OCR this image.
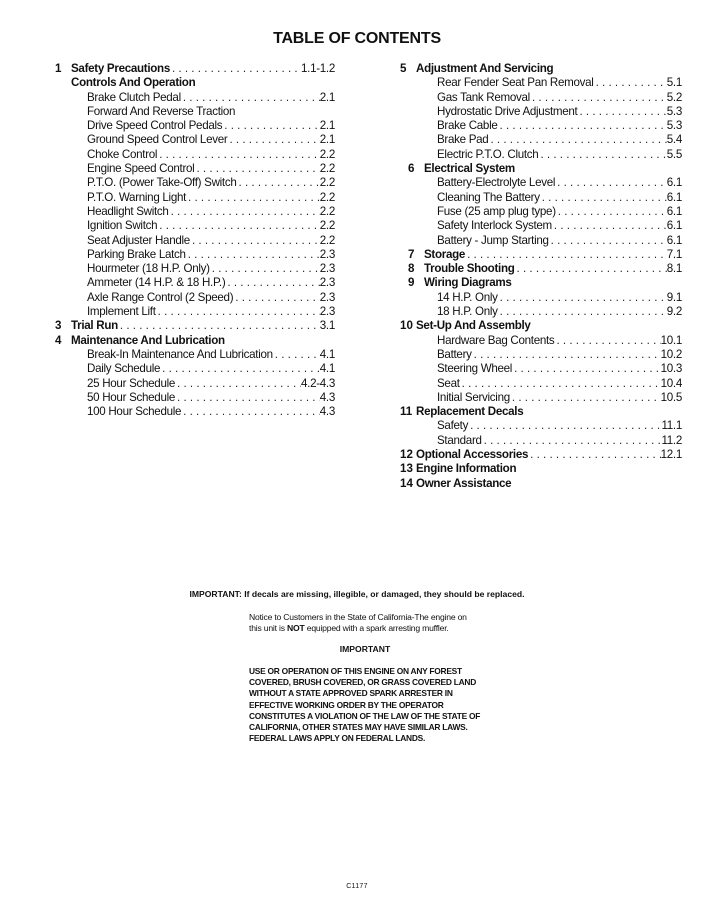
TABLE OF CONTENTS
1 Safety Precautions . . .	1.1-1.2
Controls And Operation
Brake Clutch Pedal . . .	2.1
Forward And Reverse Traction
Drive Speed Control Pedals . . .	2.1
Ground Speed Control Lever . . .	2.1
Choke Control . . .	2.2
Engine Speed Control . . .	2.2
P.T.O. (Power Take-Off) Switch . . .	2.2
P.T.O. Warning Light . . .	2.2
Headlight Switch . . .	2.2
Ignition Switch . . .	2.2
Seat Adjuster Handle . . .	2.2
Parking Brake Latch . . .	2.3
Hourmeter (18 H.P. Only) . . .	2.3
Ammeter (14 H.P. & 18 H.P.) . . .	2.3
Axle Range Control (2 Speed) . . .	2.3
Implement Lift . . .	2.3
3 Trial Run . . .	3.1
4 Maintenance And Lubrication
Break-In Maintenance And Lubrication . . .	4.1
Daily Schedule . . .	4.1
25 Hour Schedule . . .	4.2-4.3
50 Hour Schedule . . .	4.3
100 Hour Schedule . . .	4.3
5 Adjustment And Servicing
Rear Fender Seat Pan Removal . . .	5.1
Gas Tank Removal . . .	5.2
Hydrostatic Drive Adjustment . . .	5.3
Brake Cable . . .	5.3
Brake Pad . . .	5.4
Electric P.T.O. Clutch . . .	5.5
6 Electrical System
Battery-Electrolyte Level . . .	6.1
Cleaning The Battery . . .	6.1
Fuse (25 amp plug type) . . .	6.1
Safety Interlock System . . .	6.1
Battery - Jump Starting . . .	6.1
7 Storage . . .	7.1
8 Trouble Shooting . . .	8.1
9 Wiring Diagrams
14 H.P. Only . . .	9.1
18 H.P. Only . . .	9.2
10 Set-Up And Assembly
Hardware Bag Contents . . .	10.1
Battery . . .	10.2
Steering Wheel . . .	10.3
Seat . . .	10.4
Initial Servicing . . .	10.5
11 Replacement Decals
Safety . . .	11.1
Standard . . .	11.2
12 Optional Accessories . . .	12.1
13 Engine Information
14 Owner Assistance
IMPORTANT: If decals are missing, illegible, or damaged, they should be replaced.
Notice to Customers in the State of California-The engine on this unit is NOT equipped with a spark arresting muffler.
IMPORTANT
USE OR OPERATION OF THIS ENGINE ON ANY FOREST COVERED, BRUSH COVERED, OR GRASS COVERED LAND WITHOUT A STATE APPROVED SPARK ARRESTER IN EFFECTIVE WORKING ORDER BY THE OPERATOR CONSTITUTES A VIOLATION OF THE LAW OF THE STATE OF CALIFORNIA, OTHER STATES MAY HAVE SIMILAR LAWS. FEDERAL LAWS APPLY ON FEDERAL LANDS.
C1177
